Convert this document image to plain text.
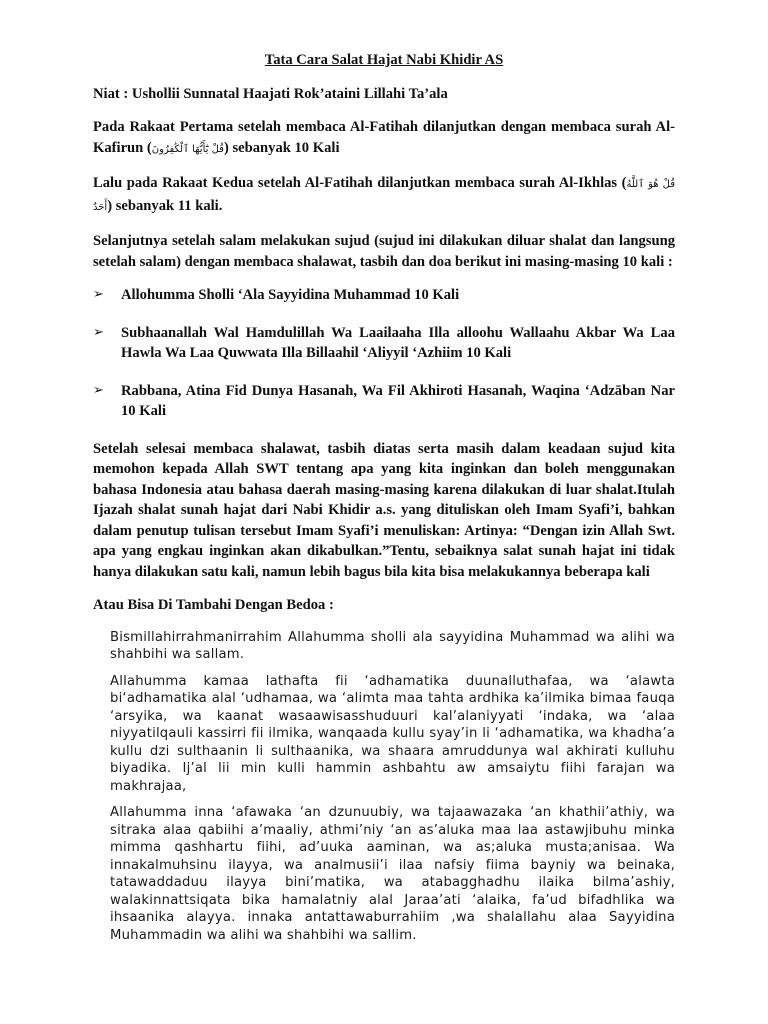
Tata Cara Salat Hajat Nabi Khidir AS
Niat : Ushollii Sunnatal Haajati Rok’ataini Lillahi Ta’ala
Pada Rakaat Pertama setelah membaca Al-Fatihah dilanjutkan dengan membaca surah Al-Kafirun (قُلْ يَٰٓأَيُّهَا ٱلْكَٰفِرُونَ) sebanyak 10 Kali
Lalu pada Rakaat Kedua setelah Al-Fatihah dilanjutkan membaca surah Al-Ikhlas (قُلْ هُوَ ٱللَّهُ أَحَدٌ) sebanyak 11 kali.
Selanjutnya setelah salam melakukan sujud (sujud ini dilakukan diluar shalat dan langsung setelah salam) dengan membaca shalawat, tasbih dan doa berikut ini masing-masing 10 kali :
➢	Allohumma Sholli ‘Ala Sayyidina Muhammad 10 Kali
➢	Subhaanallah Wal Hamdulillah Wa Laailaaha Illa alloohu Wallaahu Akbar Wa Laa Hawla Wa Laa Quwwata Illa Billaahil ‘Aliyyil ‘Azhiim 10 Kali
➢	Rabbana, Atina Fid Dunya Hasanah, Wa Fil Akhiroti Hasanah, Waqina ‘Adzāban Nar 10 Kali
Setelah selesai membaca shalawat, tasbih diatas serta masih dalam keadaan sujud kita memohon kepada Allah SWT tentang apa yang kita inginkan dan boleh menggunakan bahasa Indonesia atau bahasa daerah masing-masing karena dilakukan di luar shalat.Itulah Ijazah shalat sunah hajat dari Nabi Khidir a.s. yang dituliskan oleh Imam Syafi’i, bahkan dalam penutup tulisan tersebut Imam Syafi’i menuliskan: Artinya: “Dengan izin Allah Swt. apa yang engkau inginkan akan dikabulkan.”Tentu, sebaiknya salat sunah hajat ini tidak hanya dilakukan satu kali, namun lebih bagus bila kita bisa melakukannya beberapa kali
Atau Bisa Di Tambahi Dengan Bedoa :

Bismillahirrahmanirrahim Allahumma sholli ala sayyidina Muhammad wa alihi wa shahbihi wa sallam.

Allahumma kamaa lathafta fii ‘adhamatika duunalluthafaa, wa ‘alawta bi‘adhamatika alal ‘udhamaa, wa ‘alimta maa tahta ardhika ka’ilmika bimaa fauqa ‘arsyika, wa kaanat wasaawisasshuduuri kal’alaniyyati ‘indaka, wa ‘alaa niyyatilqauli kassirri fii ilmika, wanqaada kullu syay’in li ‘adhamatika, wa khadha’a kullu dzi sulthaanin li sulthaanika, wa shaara amruddunya wal akhirati kulluhu biyadika. Ij’al lii min kulli hammin ashbahtu aw amsaiytu fiihi farajan wa makhrajaa,

Allahumma inna ‘afawaka ‘an dzunuubiy, wa tajaawazaka ‘an khathii’athiy, wa sitraka alaa qabiihi a’maaliy, athmi’niy ‘an as’aluka maa laa astawjibuhu minka mimma qashhartu fiihi, ad’uuka aaminan, wa as;aluka musta;anisaa. Wa innakalmuhsinu ilayya, wa analmusii’i ilaa nafsiy fiima bayniy wa beinaka, tatawaddaduu ilayya bini’matika, wa atabagghadhu ilaika bilma’ashiy, walakinnattsiqata bika hamalatniy alal Jaraa’ati ‘alaika, fa’ud bifadhlika wa ihsaanika alayya. innaka antattawaburrahiim ,wa shalallahu alaa Sayyidina Muhammadin wa alihi wa shahbihi wa sallim.
